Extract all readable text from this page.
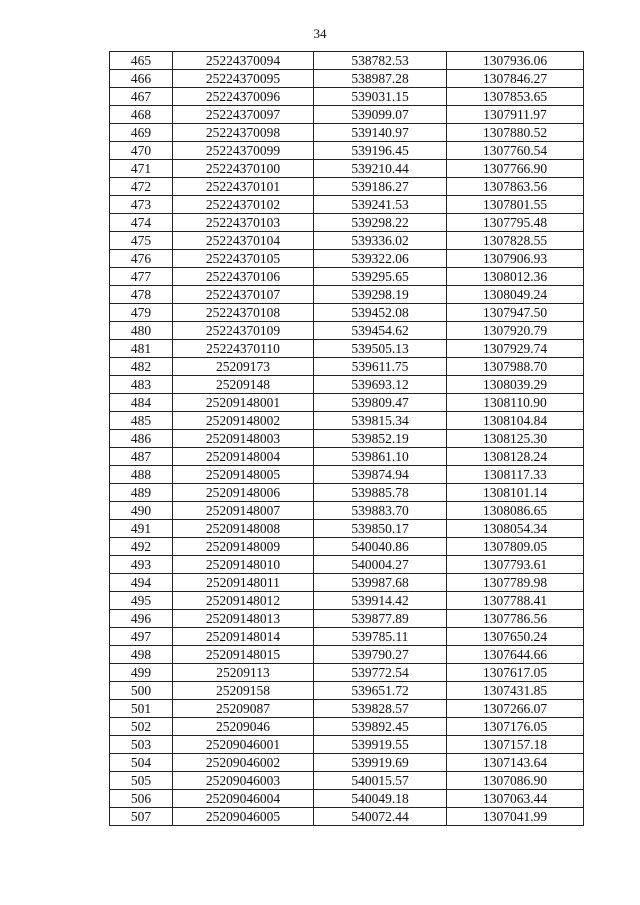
34
465	25224370094	538782.53	1307936.06
466	25224370095	538987.28	1307846.27
467	25224370096	539031.15	1307853.65
468	25224370097	539099.07	1307911.97
469	25224370098	539140.97	1307880.52
470	25224370099	539196.45	1307760.54
471	25224370100	539210.44	1307766.90
472	25224370101	539186.27	1307863.56
473	25224370102	539241.53	1307801.55
474	25224370103	539298.22	1307795.48
475	25224370104	539336.02	1307828.55
476	25224370105	539322.06	1307906.93
477	25224370106	539295.65	1308012.36
478	25224370107	539298.19	1308049.24
479	25224370108	539452.08	1307947.50
480	25224370109	539454.62	1307920.79
481	25224370110	539505.13	1307929.74
482	25209173	539611.75	1307988.70
483	25209148	539693.12	1308039.29
484	25209148001	539809.47	1308110.90
485	25209148002	539815.34	1308104.84
486	25209148003	539852.19	1308125.30
487	25209148004	539861.10	1308128.24
488	25209148005	539874.94	1308117.33
489	25209148006	539885.78	1308101.14
490	25209148007	539883.70	1308086.65
491	25209148008	539850.17	1308054.34
492	25209148009	540040.86	1307809.05
493	25209148010	540004.27	1307793.61
494	25209148011	539987.68	1307789.98
495	25209148012	539914.42	1307788.41
496	25209148013	539877.89	1307786.56
497	25209148014	539785.11	1307650.24
498	25209148015	539790.27	1307644.66
499	25209113	539772.54	1307617.05
500	25209158	539651.72	1307431.85
501	25209087	539828.57	1307266.07
502	25209046	539892.45	1307176.05
503	25209046001	539919.55	1307157.18
504	25209046002	539919.69	1307143.64
505	25209046003	540015.57	1307086.90
506	25209046004	540049.18	1307063.44
507	25209046005	540072.44	1307041.99
